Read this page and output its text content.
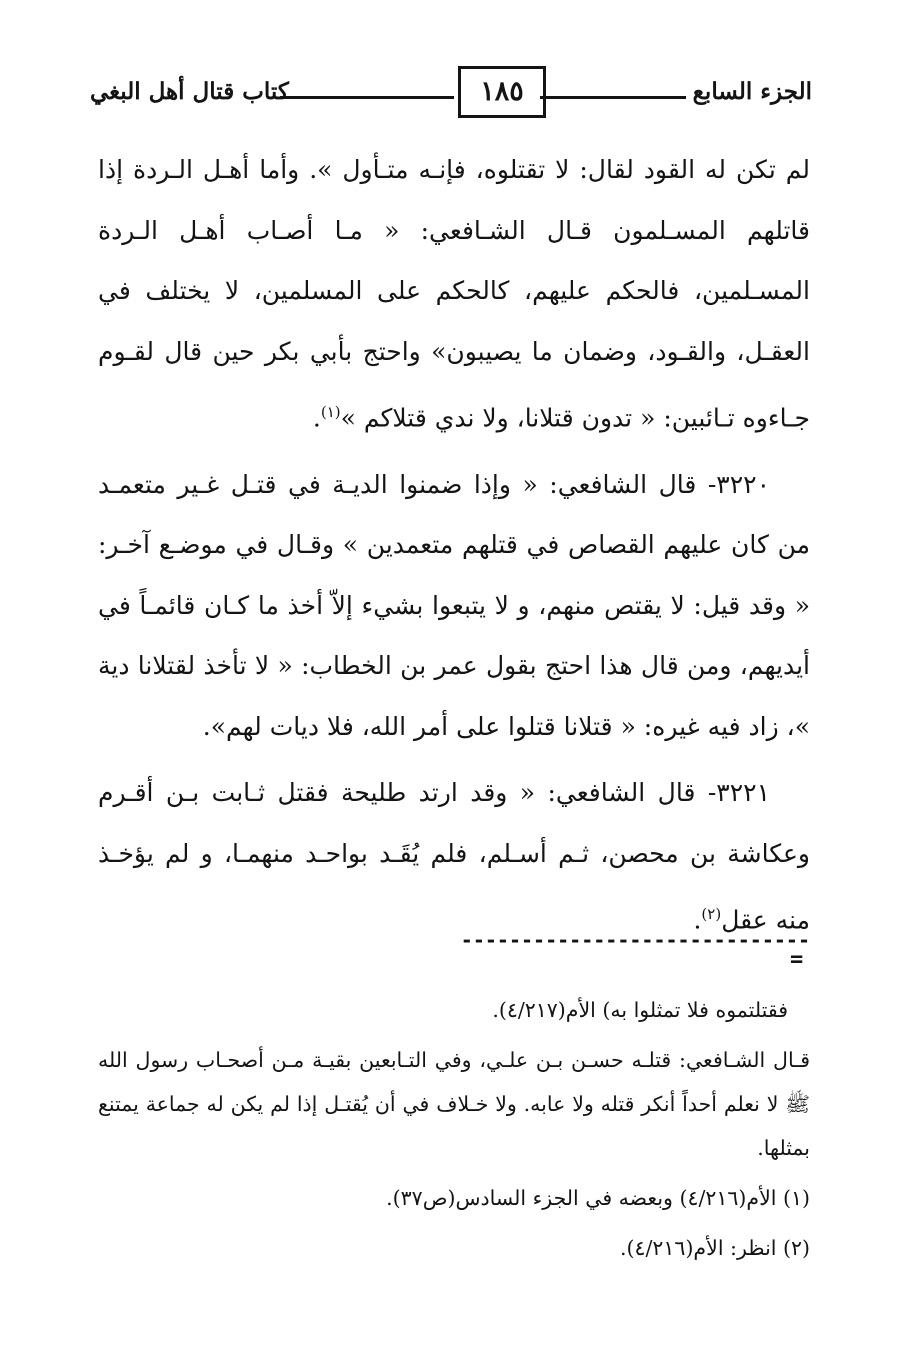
الجزء السابع
١٨٥
كتاب قتال أهل البغي

لم تكن له القود لقال: لا تقتلوه، فإنـه متـأول ». وأما أهـل الـردة إذا قاتلهم المسـلمون قـال الشـافعي: « مـا أصـاب أهـل الـردة المسـلمين، فالحكم عليهم، كالحكم على المسلمين، لا يختلف في العقـل، والقـود، وضمان ما يصيبون» واحتج بأبي بكر حين قال لقـوم جـاءوه تـائبين: « تدون قتلانا، ولا ندي قتلاكم »$^{(١)}$.

٣٢٢٠- قال الشافعي: « وإذا ضمنوا الديـة في قتـل غـير متعمـد من كان عليهم القصاص في قتلهم متعمدين » وقـال في موضـع آخـر: « وقد قيل: لا يقتص منهم، و لا يتبعوا بشيء إلاّ أخذ ما كـان قائمـاً في أيديهم، ومن قال هذا احتج بقول عمر بن الخطاب: « لا تأخذ لقتلانا دية »، زاد فيه غيره: « قتلانا قتلوا على أمر الله، فلا ديات لهم».

٣٢٢١- قال الشافعي: « وقد ارتد طليحة فقتل ثـابت بـن أقـرم وعكاشة بن محصن، ثـم أسـلم، فلم يُقَـد بواحـد منهمـا، و لم يؤخـذ منه عقل$^{(٢)}$.

-----------------------------
=

فقتلتموه فلا تمثلوا به) الأم(٤/٢١٧).

قـال الشـافعي: قتلـه حسـن بـن علـي، وفي التـابعين بقيـة مـن أصحـاب رسول الله ﷺ لا نعلم أحداً أنكر قتله ولا عابه. ولا خـلاف في أن يُقتـل إذا لم يكن له جماعة يمتنع بمثلها.

(١) الأم(٤/٢١٦) وبعضه في الجزء السادس(ص٣٧).

(٢) انظر: الأم(٤/٢١٦).
